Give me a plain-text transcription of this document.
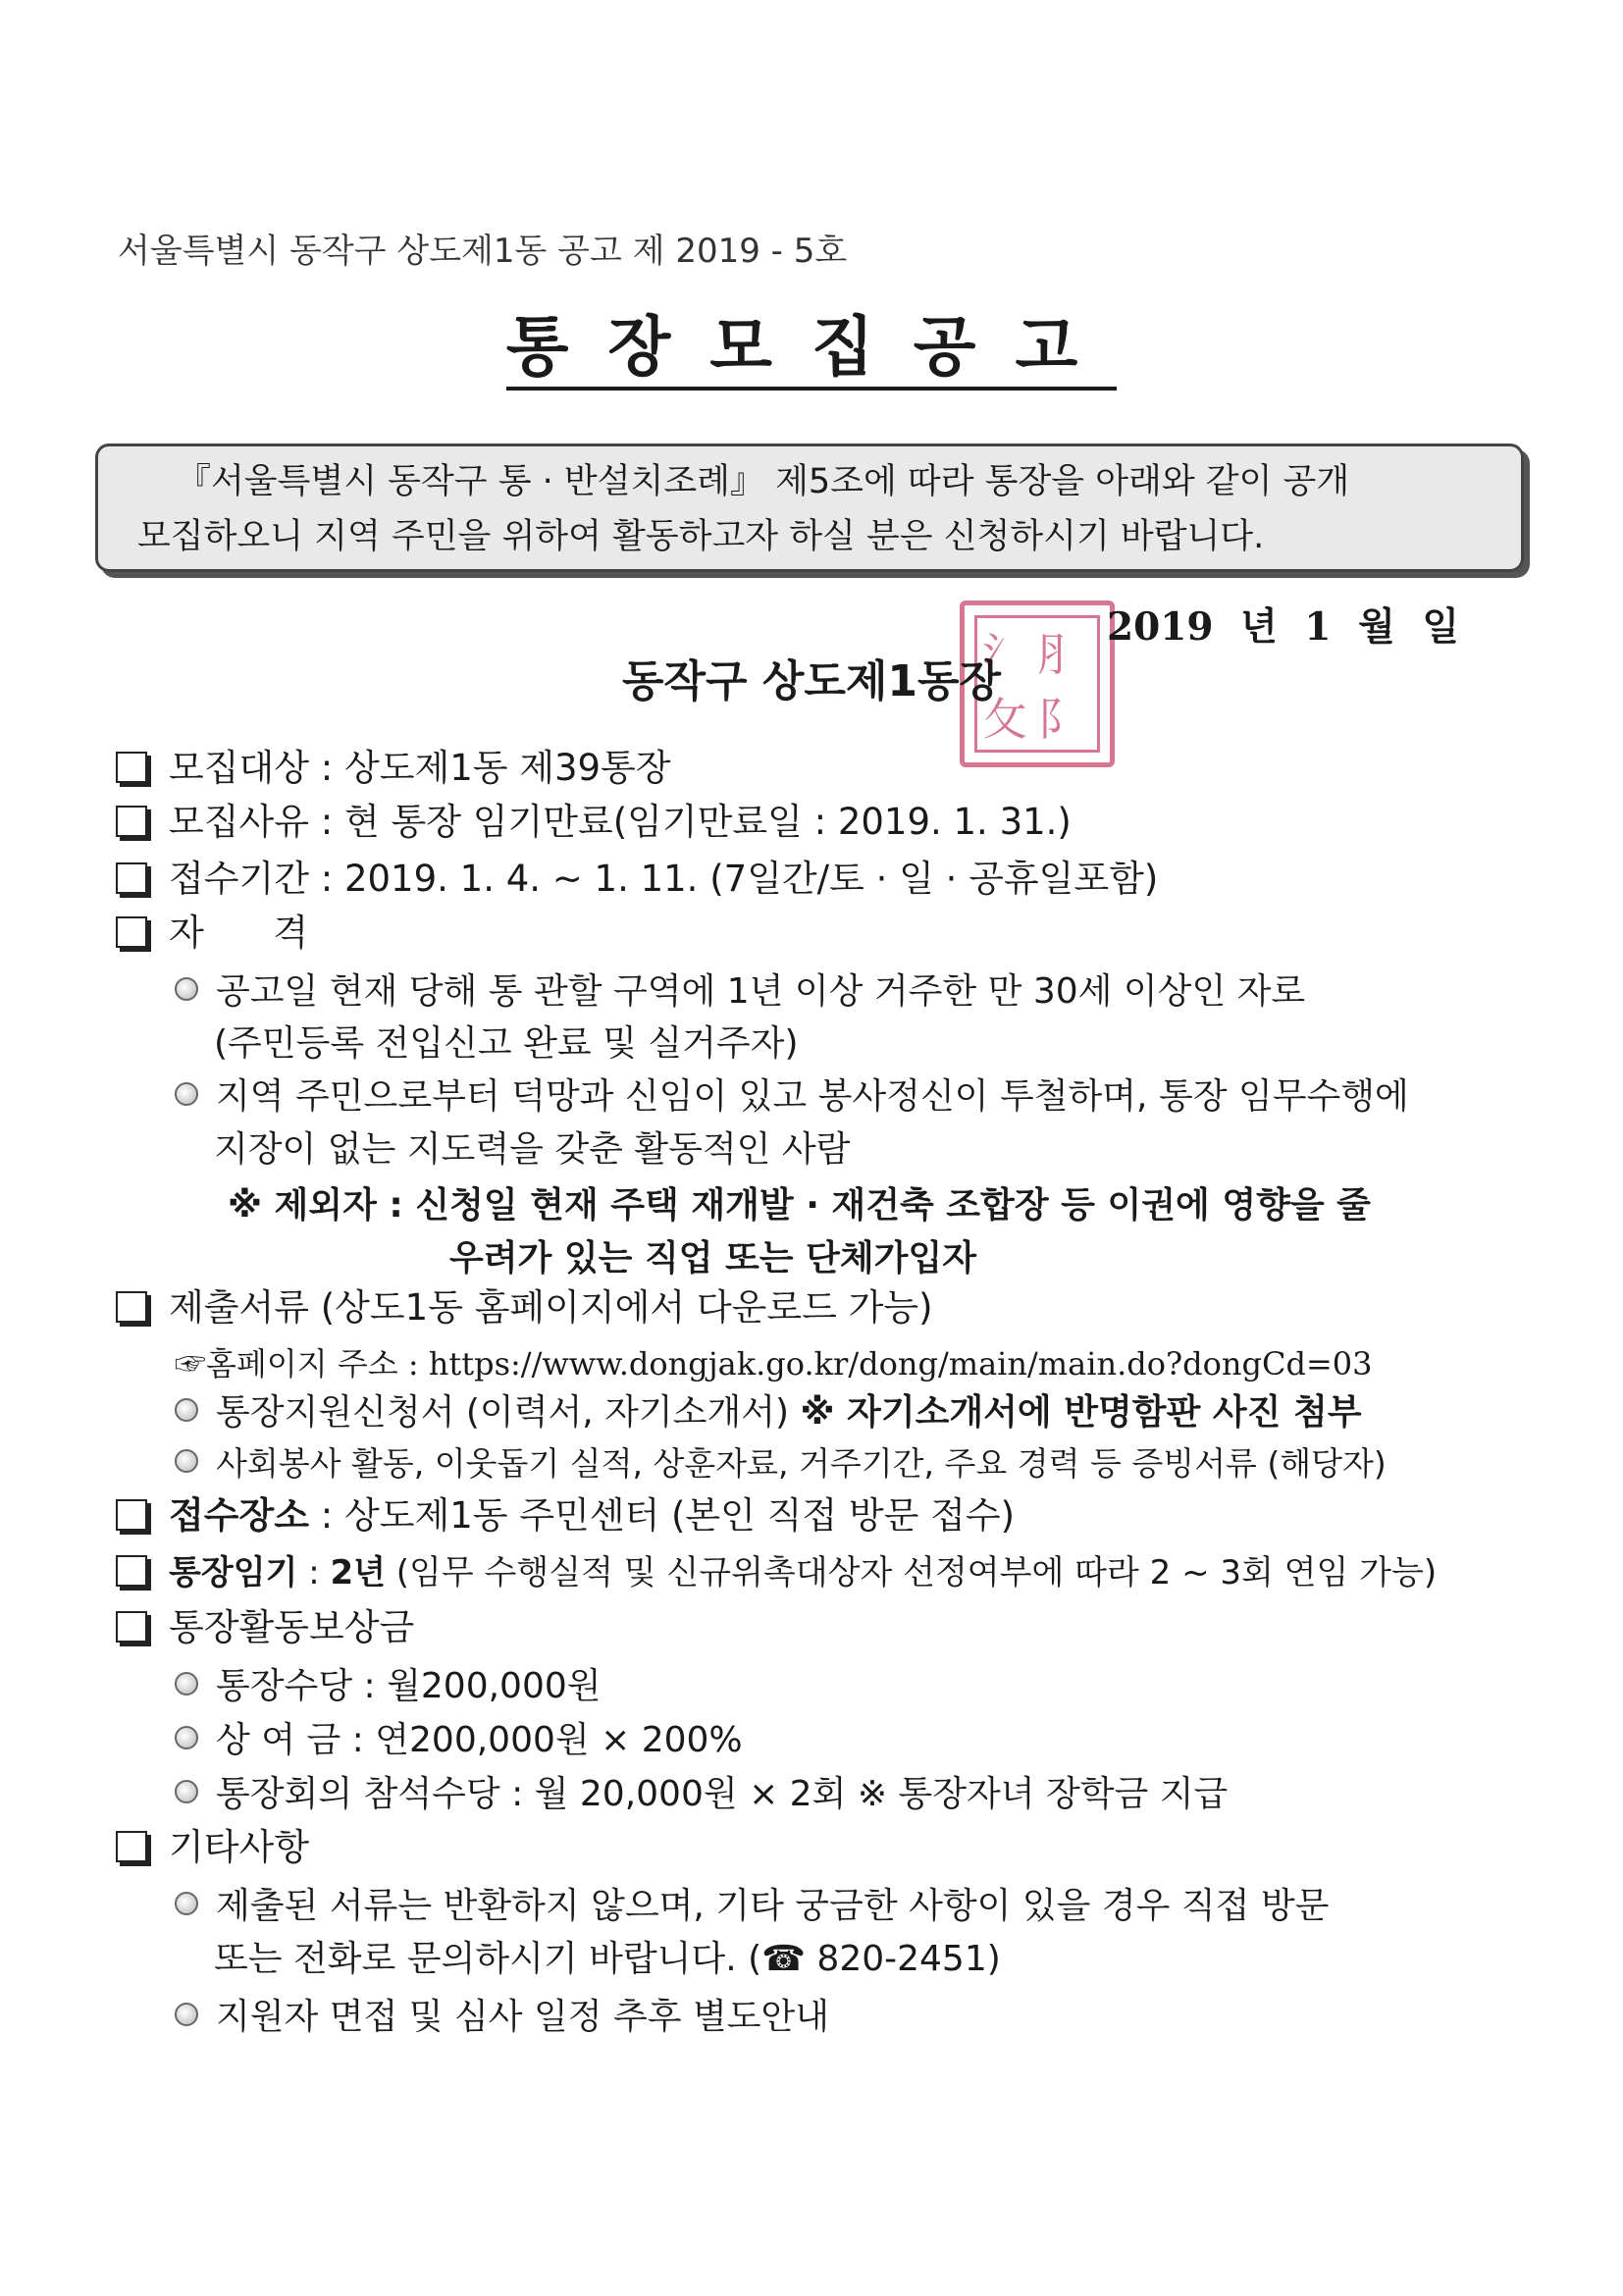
서울특별시 동작구 상도제1동 공고 제 2019 - 5호
통장모집공고

『서울특별시 동작구 통 · 반설치조례』 제5조에 따라 통장을 아래와 같이 공개

모집하오니 지역 주민을 위하여 활동하고자 하실 분은 신청하시기 바랍니다.

⺡ ⺼
⺙ ⻖
2019 년 1 월 일
동작구 상도제1동장
모집대상 : 상도제1동 제39통장
모집사유 : 현 통장 임기만료(임기만료일 : 2019. 1. 31.)
접수기간 : 2019. 1. 4. ~ 1. 11. (7일간/토 · 일 · 공휴일포함)
자      격
공고일 현재 당해 통 관할 구역에 1년 이상 거주한 만 30세 이상인 자로
(주민등록 전입신고 완료 및 실거주자)
지역 주민으로부터 덕망과 신임이 있고 봉사정신이 투철하며, 통장 임무수행에
지장이 없는 지도력을 갖춘 활동적인 사람
※ 제외자 : 신청일 현재 주택 재개발 · 재건축 조합장 등 이권에 영향을 줄
우려가 있는 직업 또는 단체가입자
제출서류 (상도1동 홈페이지에서 다운로드 가능)
☞홈페이지 주소 : https://www.dongjak.go.kr/dong/main/main.do?dongCd=03
통장지원신청서 (이력서, 자기소개서) ※ 자기소개서에 반명함판 사진 첨부
사회봉사 활동, 이웃돕기 실적, 상훈자료, 거주기간, 주요 경력 등 증빙서류 (해당자)
접수장소 : 상도제1동 주민센터 (본인 직접 방문 접수)
통장임기 : 2년 (임무 수행실적 및 신규위촉대상자 선정여부에 따라 2 ~ 3회 연임 가능)
통장활동보상금
통장수당 : 월200,000원
상 여 금 : 연200,000원 × 200%
통장회의 참석수당 : 월 20,000원 × 2회 ※ 통장자녀 장학금 지급
기타사항
제출된 서류는 반환하지 않으며, 기타 궁금한 사항이 있을 경우 직접 방문
또는 전화로 문의하시기 바랍니다. (☎ 820-2451)
지원자 면접 및 심사 일정 추후 별도안내
